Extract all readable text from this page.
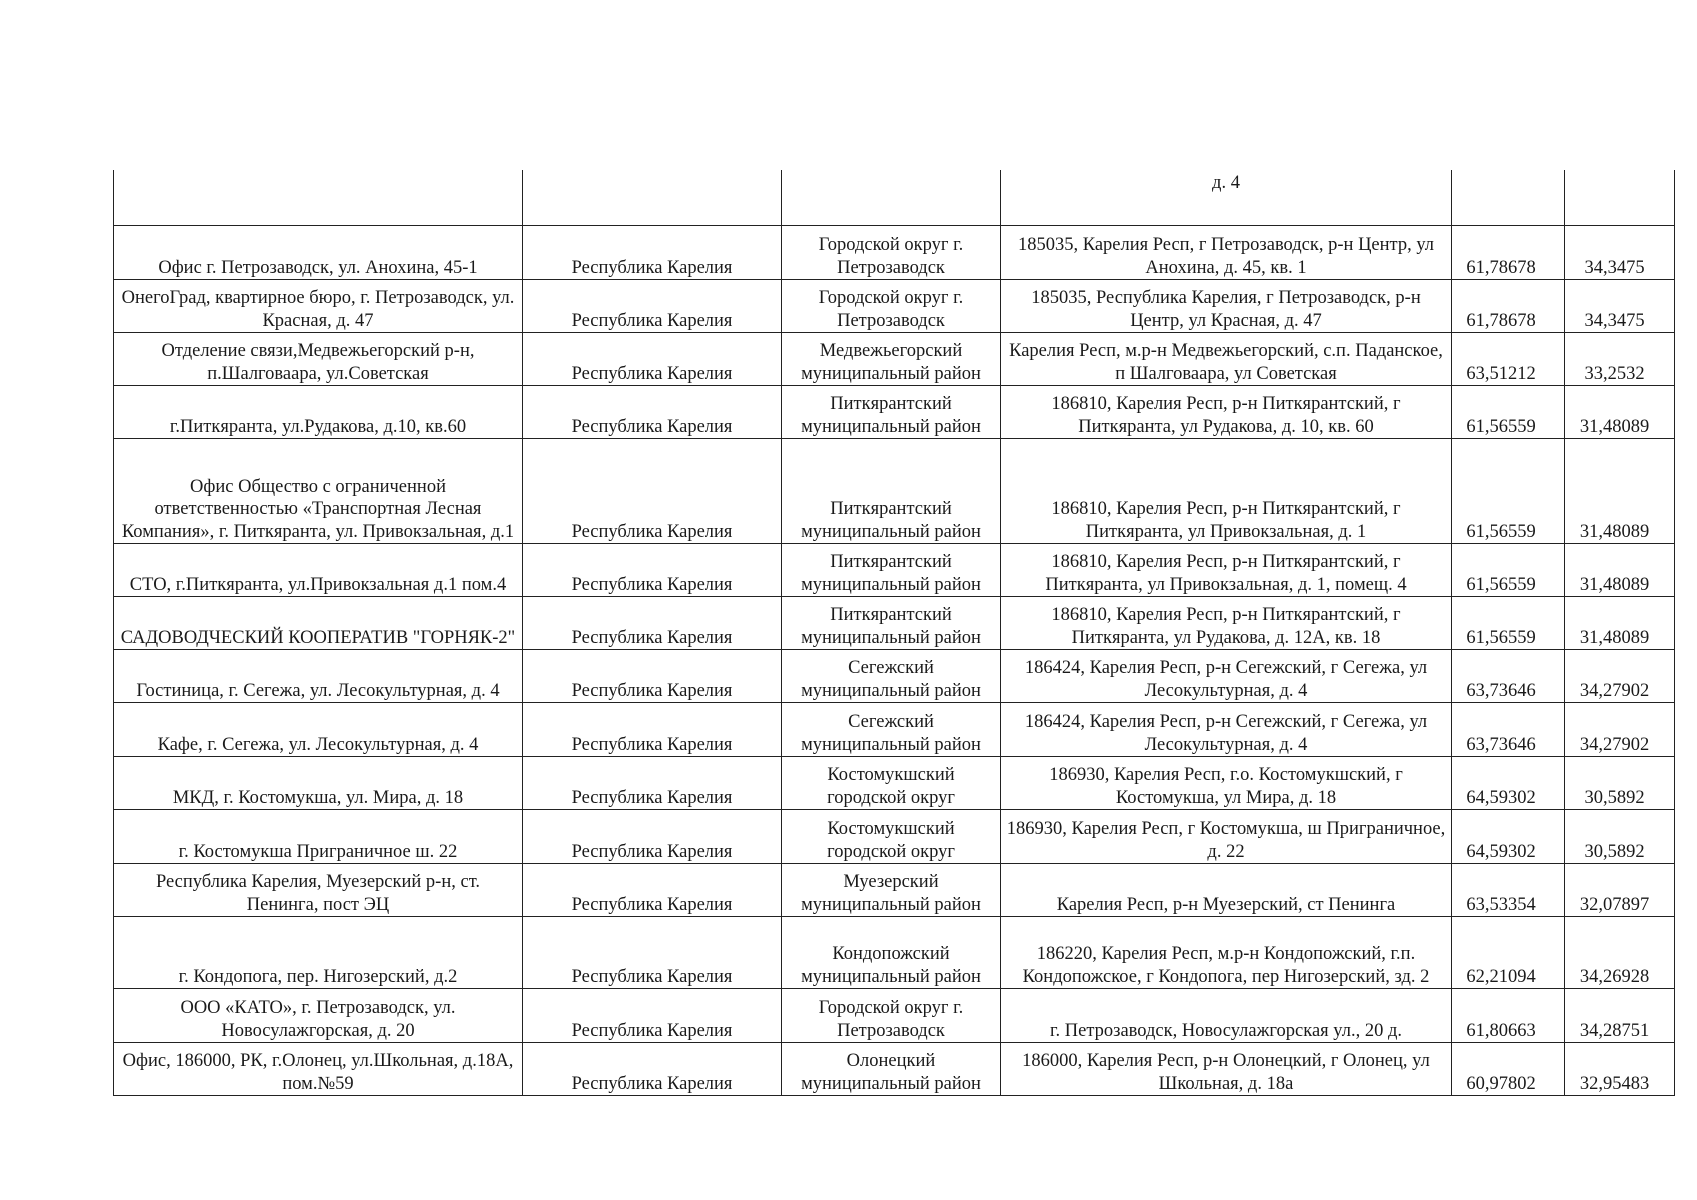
			д. 4		
Офис г. Петрозаводск, ул. Анохина, 45-1	Республика Карелия	Городской округ г. Петрозаводск	185035, Карелия Респ, г Петрозаводск, р-н Центр, ул Анохина, д. 45, кв. 1	61,78678	34,3475
ОнегоГрад, квартирное бюро, г. Петрозаводск, ул. Красная, д. 47	Республика Карелия	Городской округ г. Петрозаводск	185035, Республика Карелия, г Петрозаводск, р-н Центр, ул Красная, д. 47	61,78678	34,3475
Отделение связи,Медвежьегорский р-н, п.Шалговаара, ул.Советская	Республика Карелия	Медвежьегорский муниципальный район	Карелия Респ, м.р-н Медвежьегорский, с.п. Паданское, п Шалговаара, ул Советская	63,51212	33,2532
г.Питкяранта, ул.Рудакова, д.10, кв.60	Республика Карелия	Питкярантский муниципальный район	186810, Карелия Респ, р-н Питкярантский, г Питкяранта, ул Рудакова, д. 10, кв. 60	61,56559	31,48089
Офис Общество с ограниченной ответственностью «Транспортная Лесная Компания», г. Питкяранта, ул. Привокзальная, д.1	Республика Карелия	Питкярантский муниципальный район	186810, Карелия Респ, р-н Питкярантский, г Питкяранта, ул Привокзальная, д. 1	61,56559	31,48089
СТО, г.Питкяранта, ул.Привокзальная д.1 пом.4	Республика Карелия	Питкярантский муниципальный район	186810, Карелия Респ, р-н Питкярантский, г Питкяранта, ул Привокзальная, д. 1, помещ. 4	61,56559	31,48089
САДОВОДЧЕСКИЙ КООПЕРАТИВ "ГОРНЯК-2"	Республика Карелия	Питкярантский муниципальный район	186810, Карелия Респ, р-н Питкярантский, г Питкяранта, ул Рудакова, д. 12А, кв. 18	61,56559	31,48089
Гостиница, г. Сегежа, ул. Лесокультурная, д. 4	Республика Карелия	Сегежский муниципальный район	186424, Карелия Респ, р-н Сегежский, г Сегежа, ул Лесокультурная, д. 4	63,73646	34,27902
Кафе, г. Сегежа, ул. Лесокультурная, д. 4	Республика Карелия	Сегежский муниципальный район	186424, Карелия Респ, р-н Сегежский, г Сегежа, ул Лесокультурная, д. 4	63,73646	34,27902
МКД, г. Костомукша, ул. Мира, д. 18	Республика Карелия	Костомукшский городской округ	186930, Карелия Респ, г.о. Костомукшский, г Костомукша, ул Мира, д. 18	64,59302	30,5892
г. Костомукша Приграничное ш. 22	Республика Карелия	Костомукшский городской округ	186930, Карелия Респ, г Костомукша, ш Приграничное, д. 22	64,59302	30,5892
Республика Карелия, Муезерский р-н, ст. Пенинга, пост ЭЦ	Республика Карелия	Муезерский муниципальный район	Карелия Респ, р-н Муезерский, ст Пенинга	63,53354	32,07897
г. Кондопога, пер. Нигозерский, д.2	Республика Карелия	Кондопожский муниципальный район	186220, Карелия Респ, м.р-н Кондопожский, г.п. Кондопожское, г Кондопога, пер Нигозерский, зд. 2	62,21094	34,26928
ООО «КАТО», г. Петрозаводск, ул. Новосулажгорская, д. 20	Республика Карелия	Городской округ г. Петрозаводск	г. Петрозаводск, Новосулажгорская ул., 20 д.	61,80663	34,28751
Офис, 186000, РК, г.Олонец, ул.Школьная, д.18А, пом.№59	Республика Карелия	Олонецкий муниципальный район	186000, Карелия Респ, р-н Олонецкий, г Олонец, ул Школьная, д. 18а	60,97802	32,95483
